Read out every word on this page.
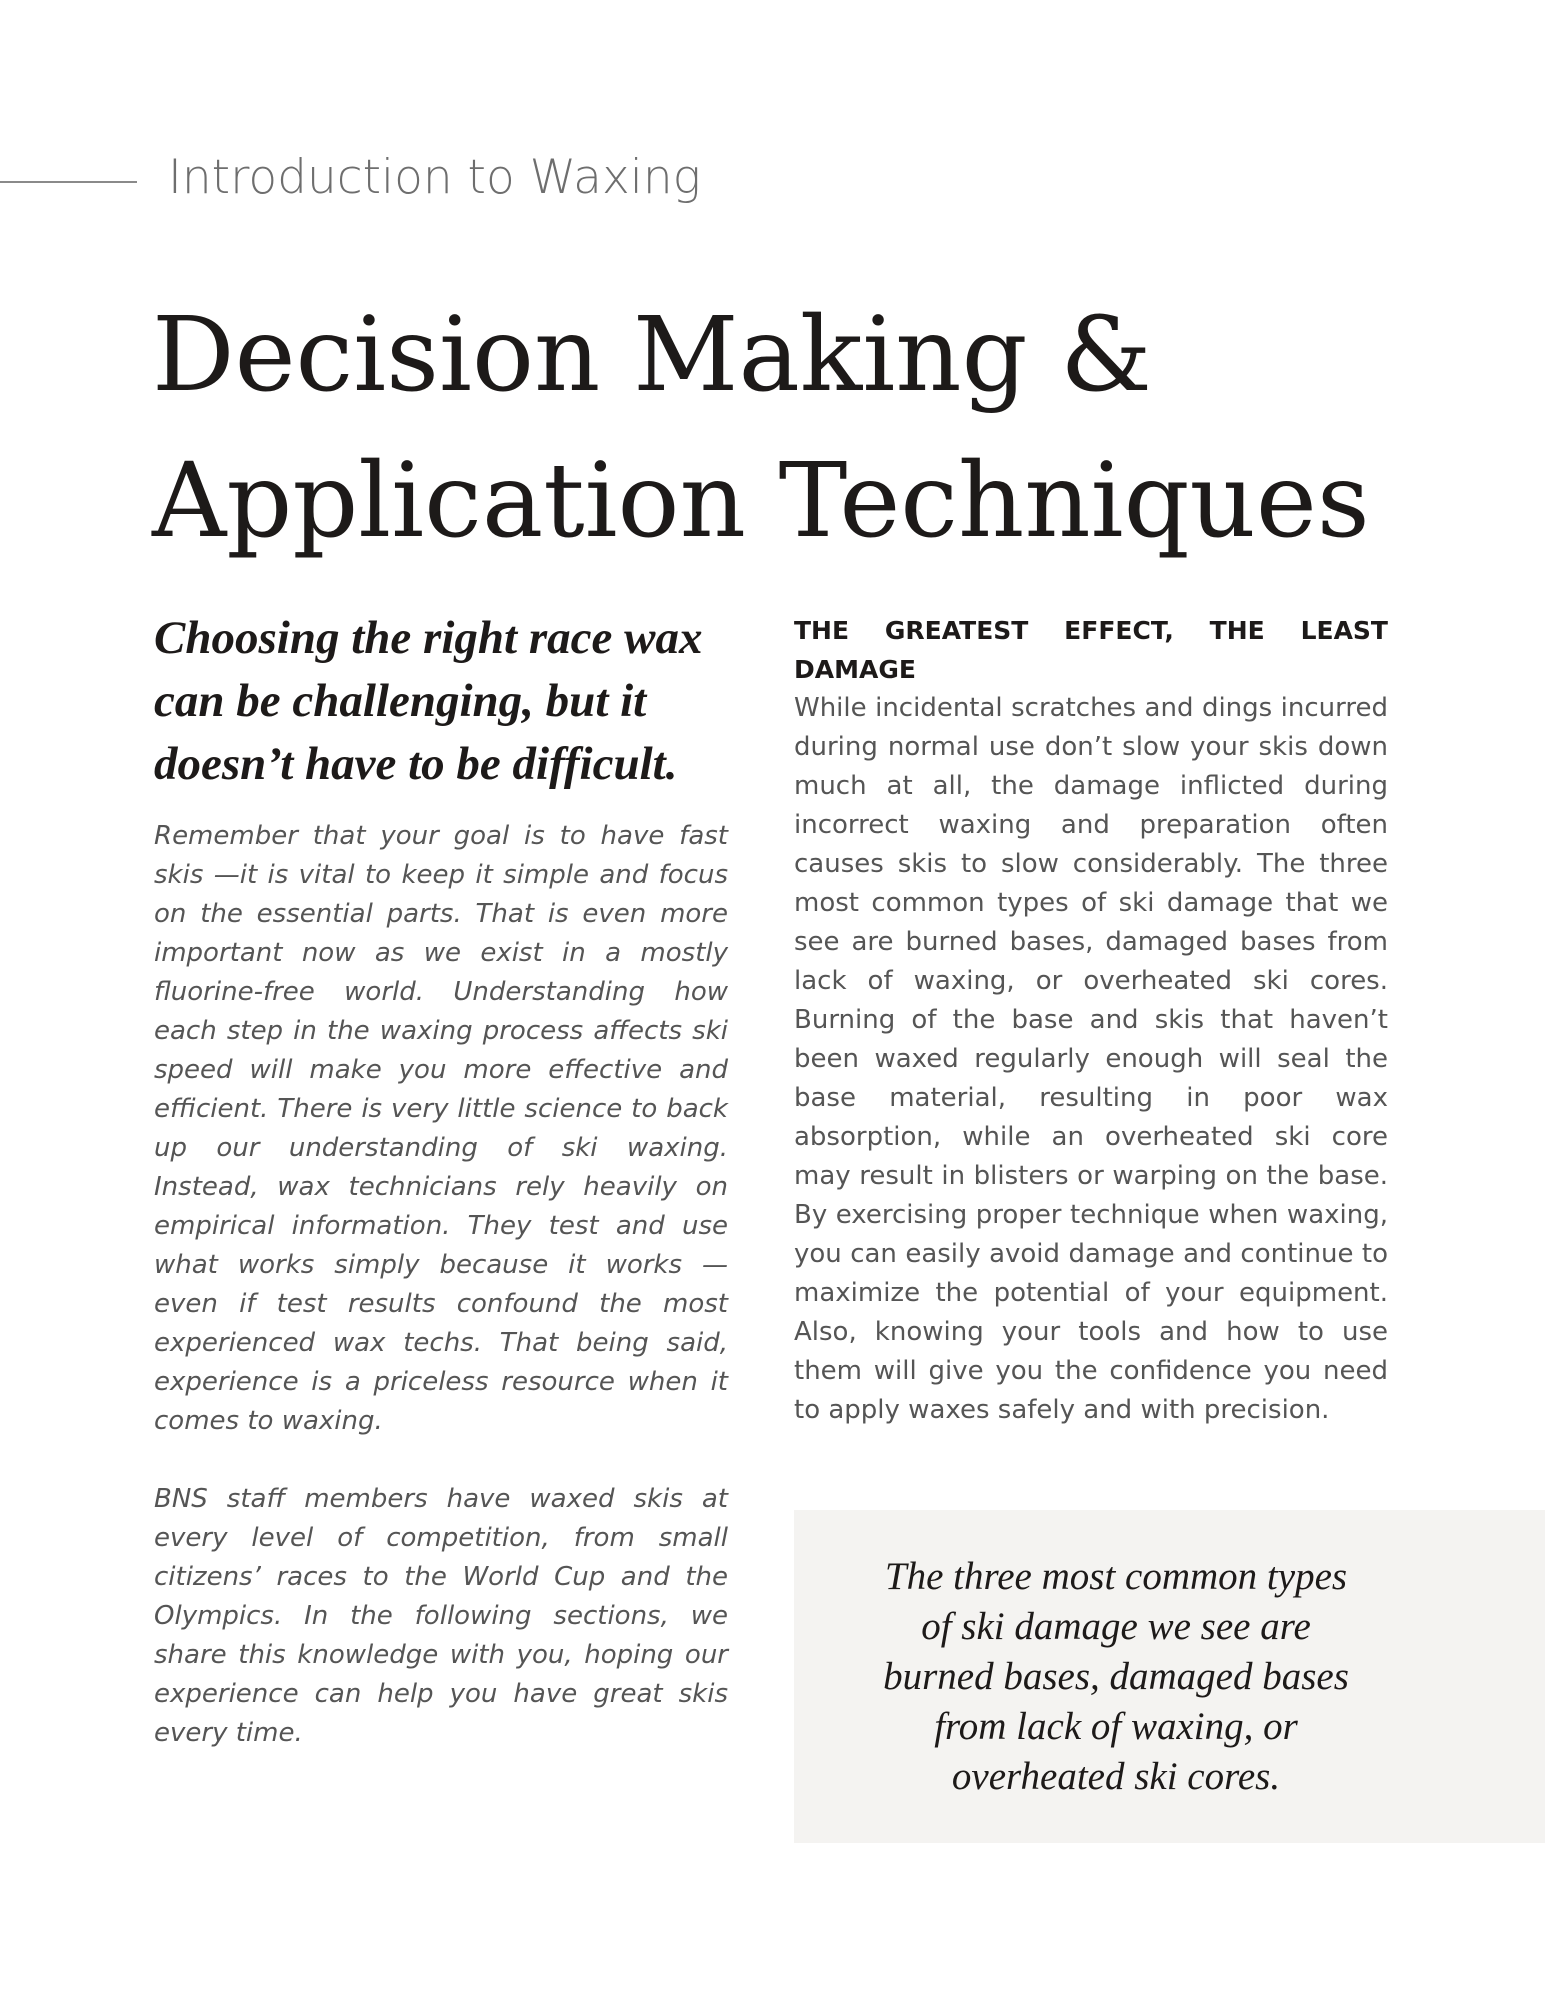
Introduction to Waxing
Decision Making & Application Techniques
Choosing the right race wax can be challenging, but it doesn’t have to be difficult.

Remember that your goal is to have fast skis —it is vital to keep it simple and focus on the essential parts. That is even more important now as we exist in a mostly fluorine-free world. Understanding how each step in the waxing process affects ski speed will make you more effective and efficient. There is very little science to back up our understanding of ski waxing. Instead, wax technicians rely heavily on empirical information. They test and use what works simply because it works — even if test results confound the most experienced wax techs. That being said, experience is a priceless resource when it comes to waxing.

BNS staff members have waxed skis at every level of competition, from small citizens’ races to the World Cup and the Olympics. In the following sections, we share this knowledge with you, hoping our experience can help you have great skis every time.

THE GREATEST EFFECT, THE LEAST DAMAGE

While incidental scratches and dings incurred during normal use don’t slow your skis down much at all, the damage inflicted during incorrect waxing and preparation often causes skis to slow considerably. The three most common types of ski damage that we see are burned bases, damaged bases from lack of waxing, or overheated ski cores. Burning of the base and skis that haven’t been waxed regularly enough will seal the base material, resulting in poor wax absorption, while an overheated ski core may result in blisters or warping on the base. By exercising proper technique when waxing, you can easily avoid damage and continue to maximize the potential of your equipment. Also, knowing your tools and how to use them will give you the confidence you need to apply waxes safely and with precision.

The three most common types of ski damage we see are burned bases, damaged bases from lack of waxing, or overheated ski cores.
